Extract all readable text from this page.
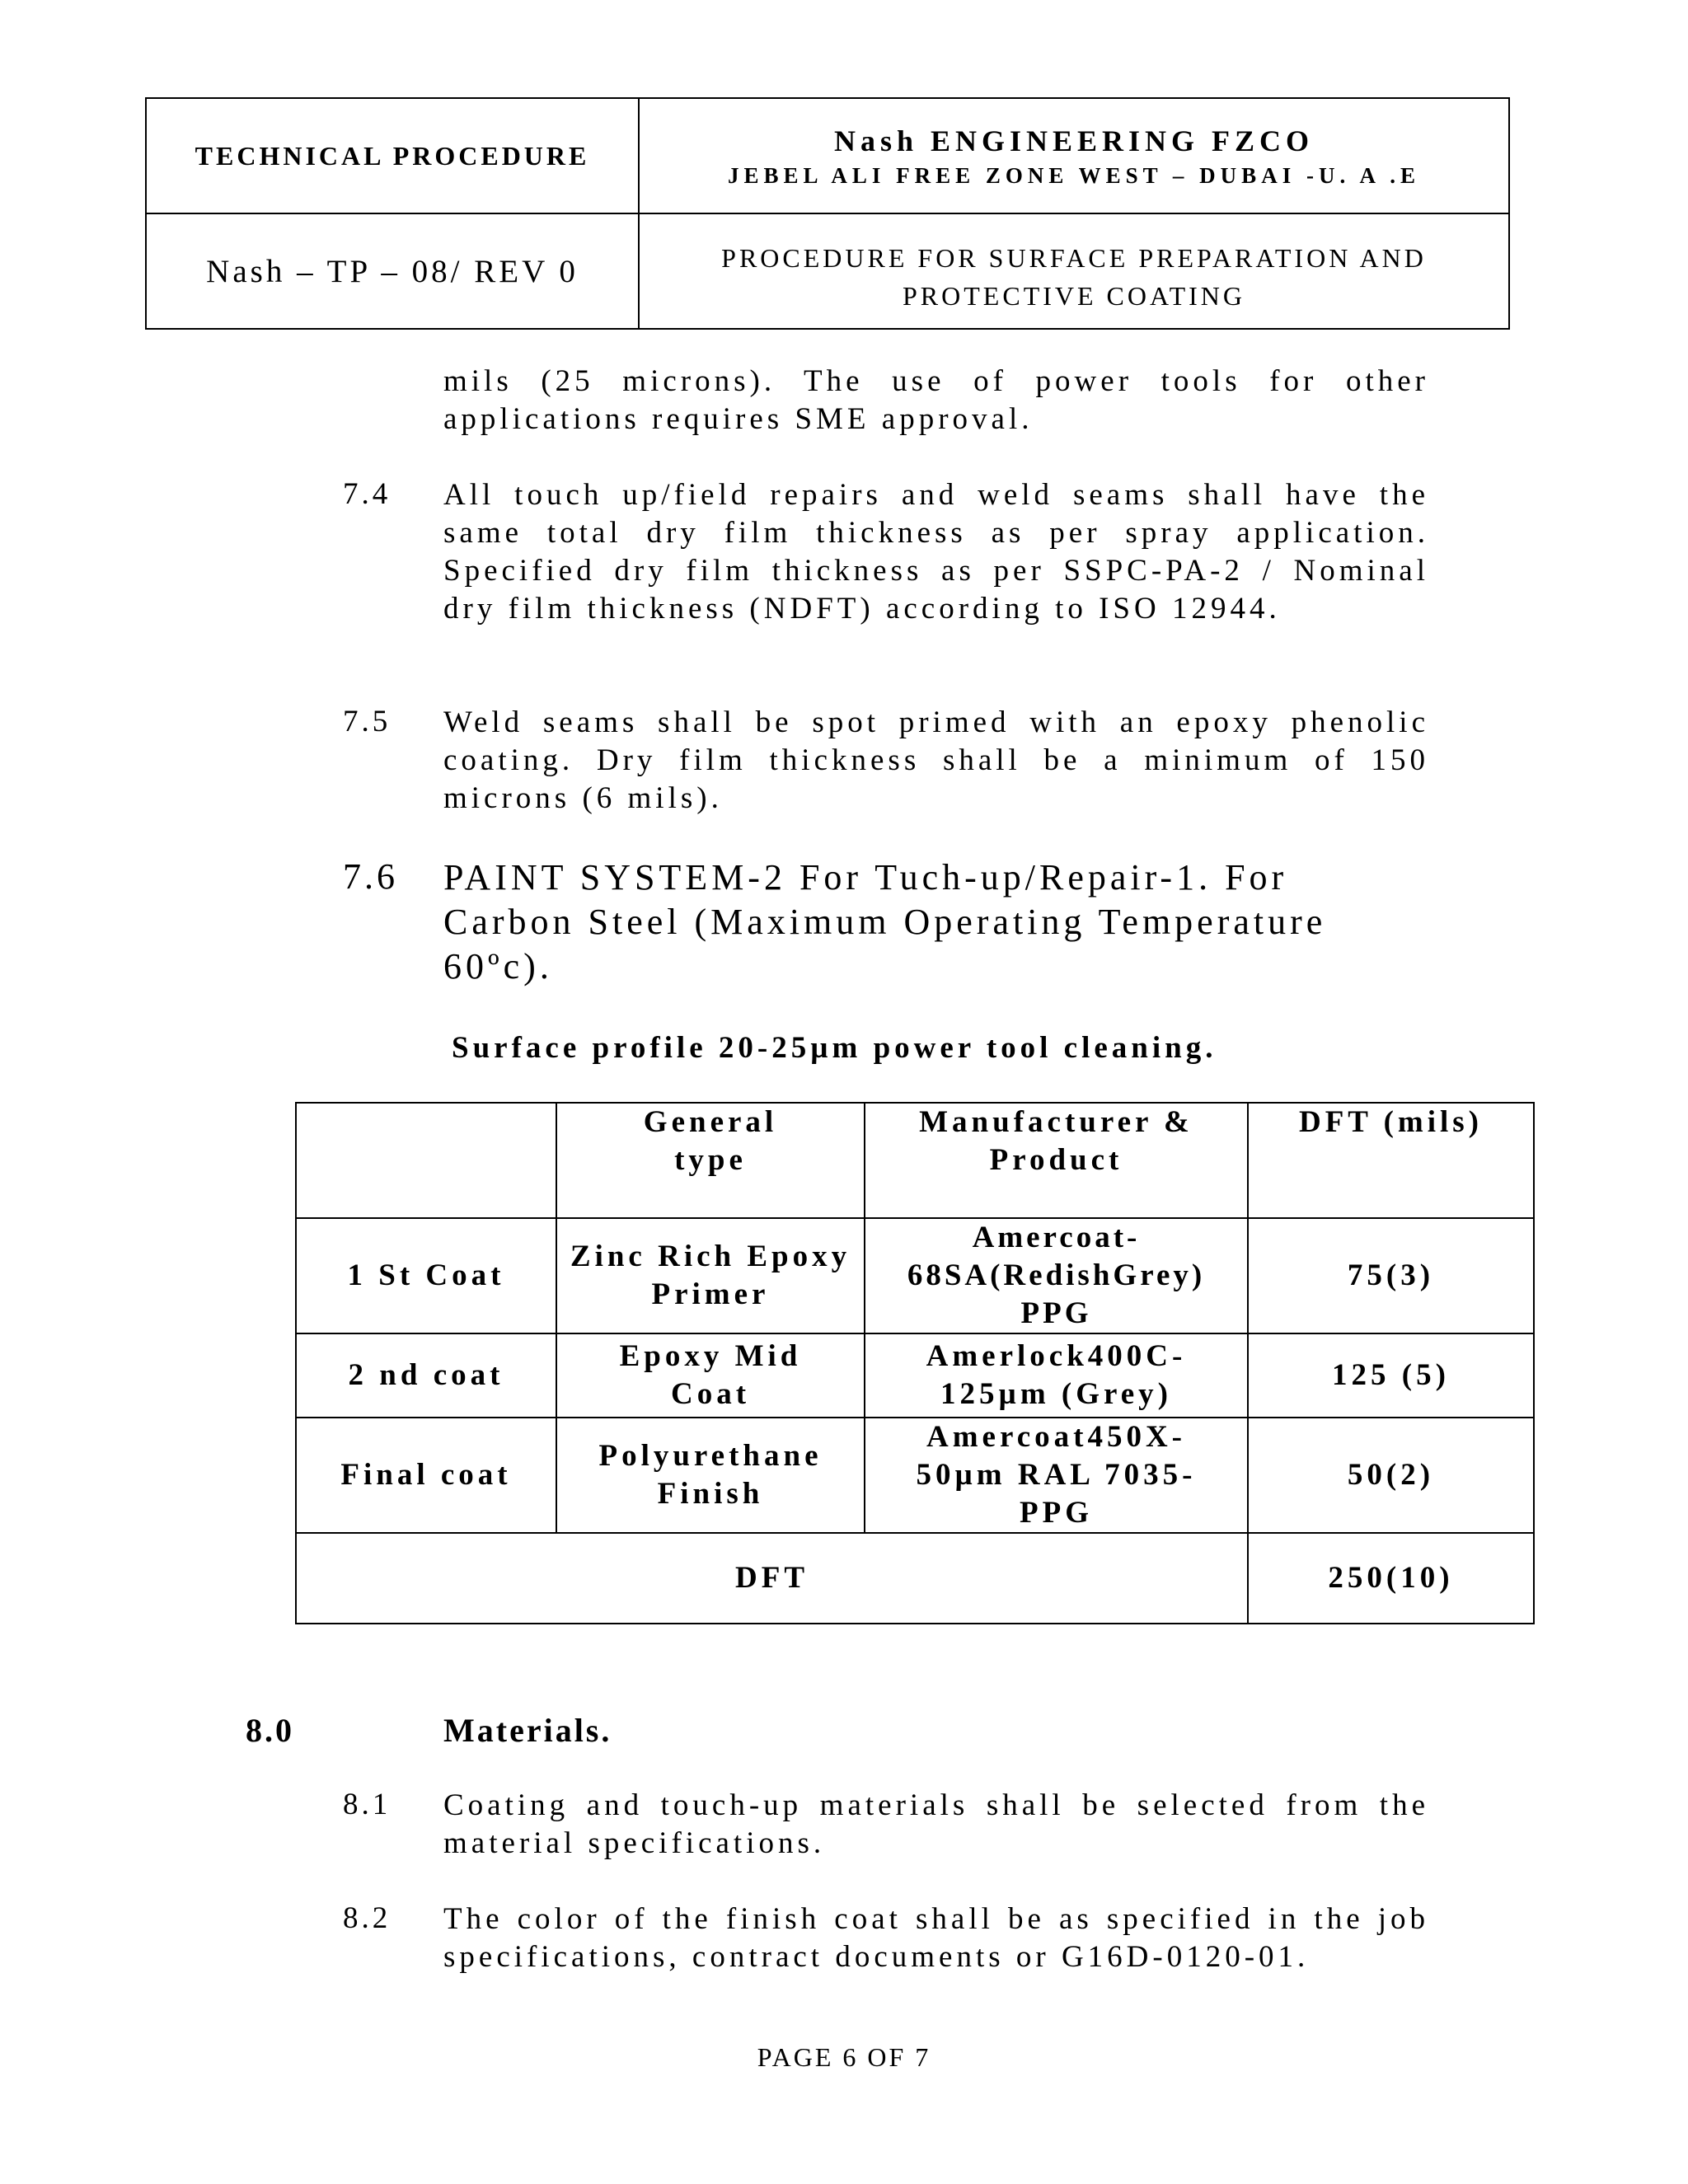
TECHNICAL PROCEDURE	Nash ENGINEERING FZCO
JEBEL ALI FREE ZONE WEST – DUBAI -U. A .E
Nash – TP – 08/ REV 0	PROCEDURE FOR SURFACE PREPARATION AND
PROTECTIVE COATING
mils (25 microns). The use of power tools for other applications requires SME approval.
7.4 All touch up/field repairs and weld seams shall have the same total dry film thickness as per spray application. Specified dry film thickness as per SSPC-PA-2 / Nominal dry film thickness (NDFT) according to ISO 12944.
7.5 Weld seams shall be spot primed with an epoxy phenolic coating. Dry film thickness shall be a minimum of 150 microns (6 mils).
7.6 PAINT SYSTEM-2 For Tuch-up/Repair-1. For Carbon Steel (Maximum Operating Temperature 60ºc).
Surface profile 20-25µm power tool cleaning.
	General type	Manufacturer & Product	DFT (mils)
1 St Coat	Zinc Rich Epoxy Primer	Amercoat-68SA(RedishGrey) PPG	75(3)
2 nd coat	Epoxy Mid Coat	Amerlock400C-125µm (Grey)	125 (5)
Final coat	Polyurethane Finish	Amercoat450X-50µm RAL 7035-PPG	50(2)
DFT			250(10)
8.0	Materials.
8.1 Coating and touch-up materials shall be selected from the material specifications.
8.2 The color of the finish coat shall be as specified in the job specifications, contract documents or G16D-0120-01.
PAGE 6 OF 7
